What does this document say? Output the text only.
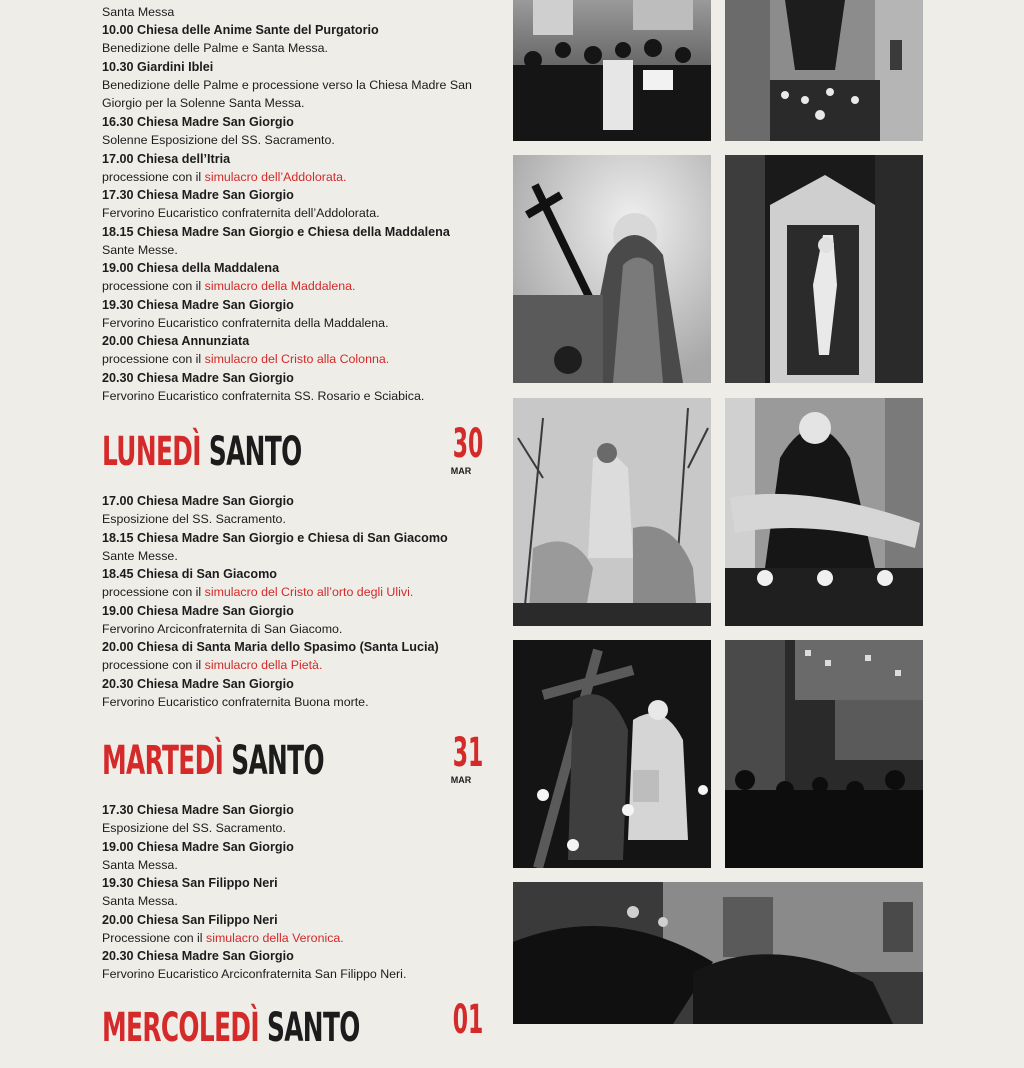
Santa Messa
10.00 Chiesa delle Anime Sante del Purgatorio
Benedizione delle Palme e Santa Messa.
10.30 Giardini Iblei
Benedizione delle Palme e processione verso la Chiesa Madre San
Giorgio per la Solenne Santa Messa.
16.30 Chiesa Madre San Giorgio
Solenne Esposizione del SS. Sacramento.
17.00 Chiesa dell’Itria
processione con il simulacro dell’Addolorata.
17.30 Chiesa Madre San Giorgio
Fervorino Eucaristico confraternita dell’Addolorata.
18.15 Chiesa Madre San Giorgio e Chiesa della Maddalena
Sante Messe.
19.00 Chiesa della Maddalena
processione con il simulacro della Maddalena.
19.30 Chiesa Madre San Giorgio
Fervorino Eucaristico confraternita della Maddalena.
20.00 Chiesa Annunziata
processione con il simulacro del Cristo alla Colonna.
20.30 Chiesa Madre San Giorgio
Fervorino Eucaristico confraternita SS. Rosario e Sciabica.
LUNEDÌ SANTO	30
MAR
17.00 Chiesa Madre San Giorgio
Esposizione del SS. Sacramento.
18.15 Chiesa Madre San Giorgio e Chiesa di San Giacomo
Sante Messe.
18.45 Chiesa di San Giacomo
processione con il simulacro del Cristo all’orto degli Ulivi.
19.00 Chiesa Madre San Giorgio
Fervorino Arciconfraternita di San Giacomo.
20.00 Chiesa di Santa Maria dello Spasimo (Santa Lucia)
processione con il simulacro della Pietà.
20.30 Chiesa Madre San Giorgio
Fervorino Eucaristico confraternita Buona morte.
MARTEDÌ SANTO	31
MAR
17.30 Chiesa Madre San Giorgio
Esposizione del SS. Sacramento.
19.00 Chiesa Madre San Giorgio
Santa Messa.
19.30 Chiesa San Filippo Neri
Santa Messa.
20.00 Chiesa San Filippo Neri
Processione con il simulacro della Veronica.
20.30 Chiesa Madre San Giorgio
Fervorino Eucaristico Arciconfraternita San Filippo Neri.
MERCOLEDÌ SANTO 01
